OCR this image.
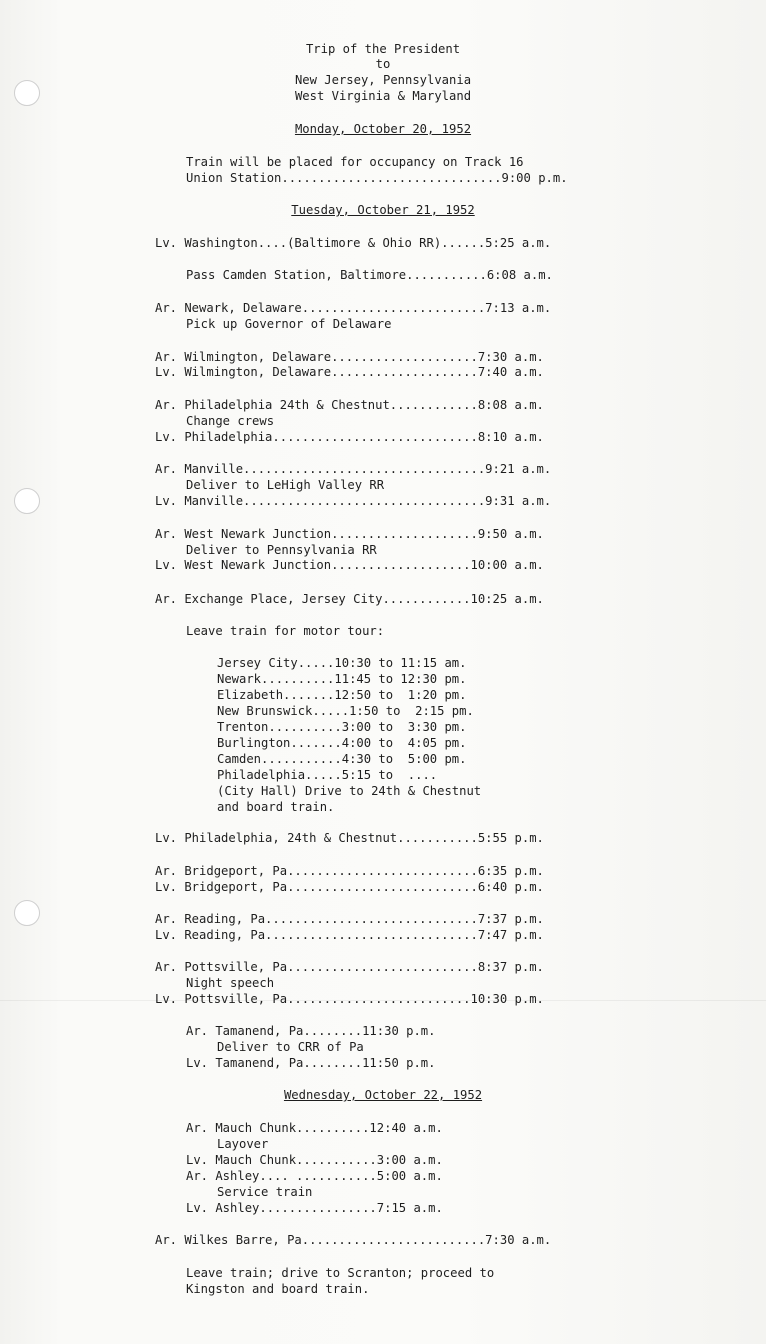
Trip of the President
to
New Jersey, Pennsylvania
West Virginia & Maryland
Monday, October 20, 1952
Train will be placed for occupancy on Track 16
Union Station..............................9:00 p.m.
Tuesday, October 21, 1952
Lv. Washington....(Baltimore & Ohio RR)......5:25 a.m.
Pass Camden Station, Baltimore...........6:08 a.m.
Ar. Newark, Delaware.........................7:13 a.m.
Pick up Governor of Delaware
Ar. Wilmington, Delaware....................7:30 a.m.
Lv. Wilmington, Delaware....................7:40 a.m.
Ar. Philadelphia 24th & Chestnut............8:08 a.m.
Change crews
Lv. Philadelphia............................8:10 a.m.
Ar. Manville.................................9:21 a.m.
Deliver to LeHigh Valley RR
Lv. Manville.................................9:31 a.m.
Ar. West Newark Junction....................9:50 a.m.
Deliver to Pennsylvania RR
Lv. West Newark Junction...................10:00 a.m.
Ar. Exchange Place, Jersey City............10:25 a.m.
Leave train for motor tour:
Jersey City.....10:30 to 11:15 am.
Newark..........11:45 to 12:30 pm.
Elizabeth.......12:50 to  1:20 pm.
New Brunswick.....1:50 to  2:15 pm.
Trenton..........3:00 to  3:30 pm.
Burlington.......4:00 to  4:05 pm.
Camden...........4:30 to  5:00 pm.
Philadelphia.....5:15 to  ....
(City Hall) Drive to 24th & Chestnut
and board train.
Lv. Philadelphia, 24th & Chestnut...........5:55 p.m.
Ar. Bridgeport, Pa..........................6:35 p.m.
Lv. Bridgeport, Pa..........................6:40 p.m.
Ar. Reading, Pa.............................7:37 p.m.
Lv. Reading, Pa.............................7:47 p.m.
Ar. Pottsville, Pa..........................8:37 p.m.
Night speech
Lv. Pottsville, Pa.........................10:30 p.m.
Ar. Tamanend, Pa........11:30 p.m.
Deliver to CRR of Pa
Lv. Tamanend, Pa........11:50 p.m.
Wednesday, October 22, 1952
Ar. Mauch Chunk..........12:40 a.m.
Layover
Lv. Mauch Chunk...........3:00 a.m.
Ar. Ashley.... ...........5:00 a.m.
Service train
Lv. Ashley................7:15 a.m.
Ar. Wilkes Barre, Pa.........................7:30 a.m.
Leave train; drive to Scranton; proceed to
Kingston and board train.
